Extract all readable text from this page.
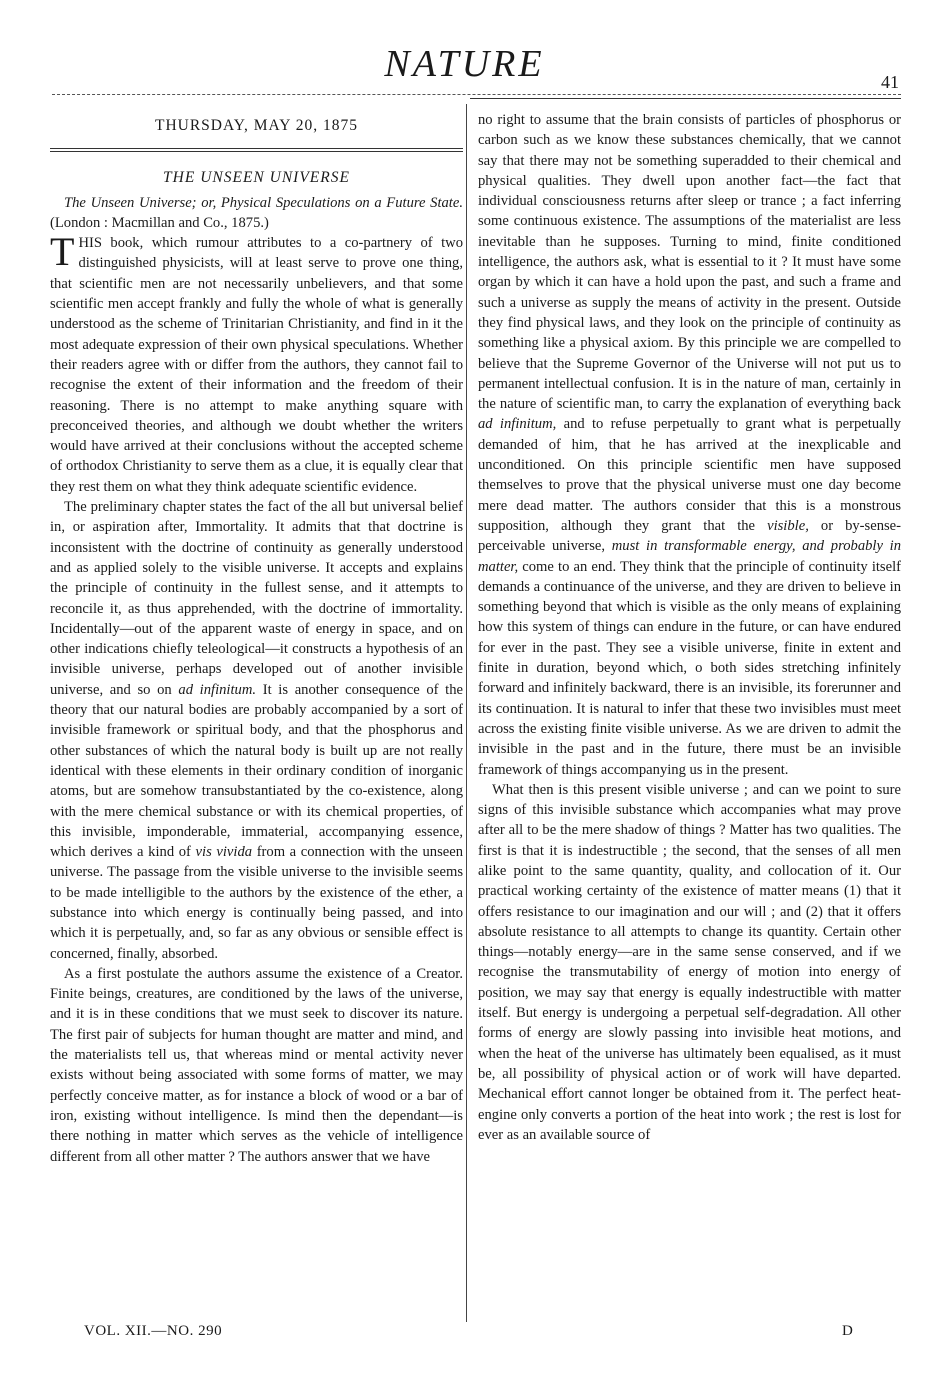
NATURE	41
THURSDAY, MAY 20, 1875
THE UNSEEN UNIVERSE

The Unseen Universe; or, Physical Speculations on a Future State. (London : Macmillan and Co., 1875.)

THIS book, which rumour attributes to a co-partnery of two distinguished physicists, will at least serve to prove one thing, that scientific men are not necessarily unbelievers, and that some scientific men accept frankly and fully the whole of what is generally understood as the scheme of Trinitarian Christianity, and find in it the most adequate expression of their own physical speculations. Whether their readers agree with or differ from the authors, they cannot fail to recognise the extent of their information and the freedom of their reasoning. There is no attempt to make anything square with preconceived theories, and although we doubt whether the writers would have arrived at their conclusions without the accepted scheme of orthodox Christianity to serve them as a clue, it is equally clear that they rest them on what they think adequate scientific evidence.

The preliminary chapter states the fact of the all but universal belief in, or aspiration after, Immortality. It admits that that doctrine is inconsistent with the doctrine of continuity as generally understood and as applied solely to the visible universe. It accepts and explains the principle of continuity in the fullest sense, and it attempts to reconcile it, as thus apprehended, with the doctrine of immortality. Incidentally—out of the apparent waste of energy in space, and on other indications chiefly teleological—it constructs a hypothesis of an invisible universe, perhaps developed out of another invisible universe, and so on ad infinitum. It is another consequence of the theory that our natural bodies are probably accompanied by a sort of invisible framework or spiritual body, and that the phosphorus and other substances of which the natural body is built up are not really identical with these elements in their ordinary condition of inorganic atoms, but are somehow transubstantiated by the co-existence, along with the mere chemical substance or with its chemical properties, of this invisible, imponderable, immaterial, accompanying essence, which derives a kind of vis vivida from a connection with the unseen universe. The passage from the visible universe to the invisible seems to be made intelligible to the authors by the existence of the ether, a substance into which energy is continually being passed, and into which it is perpetually, and, so far as any obvious or sensible effect is concerned, finally, absorbed.

As a first postulate the authors assume the existence of a Creator. Finite beings, creatures, are conditioned by the laws of the universe, and it is in these conditions that we must seek to discover its nature. The first pair of subjects for human thought are matter and mind, and the materialists tell us, that whereas mind or mental activity never exists without being associated with some forms of matter, we may perfectly conceive matter, as for instance a block of wood or a bar of iron, existing without intelligence. Is mind then the dependant—is there nothing in matter which serves as the vehicle of intelligence different from all other matter ? The authors answer that we have

no right to assume that the brain consists of particles of phosphorus or carbon such as we know these substances chemically, that we cannot say that there may not be something superadded to their chemical and physical qualities. They dwell upon another fact—the fact that individual consciousness returns after sleep or trance ; a fact inferring some continuous existence. The assumptions of the materialist are less inevitable than he supposes. Turning to mind, finite conditioned intelligence, the authors ask, what is essential to it ? It must have some organ by which it can have a hold upon the past, and such a frame and such a universe as supply the means of activity in the present. Outside they find physical laws, and they look on the principle of continuity as something like a physical axiom. By this principle we are compelled to believe that the Supreme Governor of the Universe will not put us to permanent intellectual confusion. It is in the nature of man, certainly in the nature of scientific man, to carry the explanation of everything back ad infinitum, and to refuse perpetually to grant what is perpetually demanded of him, that he has arrived at the inexplicable and unconditioned. On this principle scientific men have supposed themselves to prove that the physical universe must one day become mere dead matter. The authors consider that this is a monstrous supposition, although they grant that the visible, or by-sense-perceivable universe, must in transformable energy, and probably in matter, come to an end. They think that the principle of continuity itself demands a continuance of the universe, and they are driven to believe in something beyond that which is visible as the only means of explaining how this system of things can endure in the future, or can have endured for ever in the past. They see a visible universe, finite in extent and finite in duration, beyond which, o both sides stretching infinitely forward and infinitely backward, there is an invisible, its forerunner and its continuation. It is natural to infer that these two invisibles must meet across the existing finite visible universe. As we are driven to admit the invisible in the past and in the future, there must be an invisible framework of things accompanying us in the present.

What then is this present visible universe ; and can we point to sure signs of this invisible substance which accompanies what may prove after all to be the mere shadow of things ? Matter has two qualities. The first is that it is indestructible ; the second, that the senses of all men alike point to the same quantity, quality, and collocation of it. Our practical working certainty of the existence of matter means (1) that it offers resistance to our imagination and our will ; and (2) that it offers absolute resistance to all attempts to change its quantity. Certain other things—notably energy—are in the same sense conserved, and if we recognise the transmutability of energy of motion into energy of position, we may say that energy is equally indestructible with matter itself. But energy is undergoing a perpetual self-degradation. All other forms of energy are slowly passing into invisible heat motions, and when the heat of the universe has ultimately been equalised, as it must be, all possibility of physical action or of work will have departed. Mechanical effort cannot longer be obtained from it. The perfect heat-engine only converts a portion of the heat into work ; the rest is lost for ever as an available source of

VOL. XII.—NO. 290	D
